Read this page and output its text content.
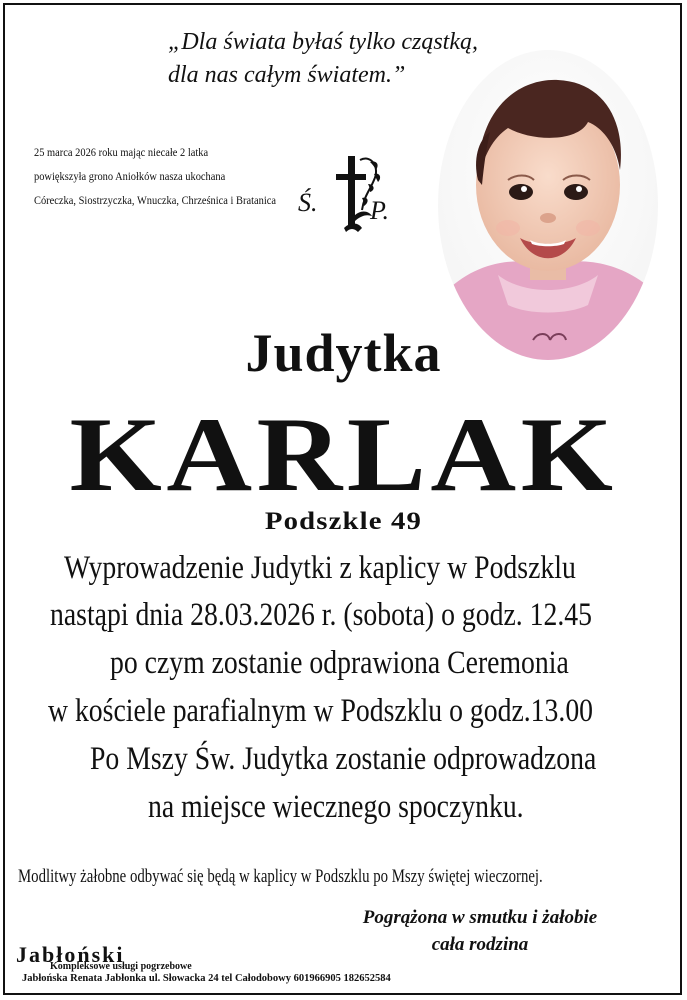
„Dla świata byłaś tylko cząstką,
dla nas całym światem.”
25 marca 2026 roku mając niecałe 2 latka
powiększyła grono Aniołków nasza ukochana
Córeczka, Siostrzyczka, Wnuczka, Chrześnica i Bratanica Ś. P.
Judytka
KARLAK
Podszkle 49
Wyprowadzenie Judytki z kaplicy w Podszklu
nastąpi dnia 28.03.2026 r. (sobota) o godz. 12.45
po czym zostanie odprawiona Ceremonia
w kościele parafialnym w Podszklu o godz.13.00
Po Mszy Św. Judytka zostanie odprowadzona
na miejsce wiecznego spoczynku.
Modlitwy żałobne odbywać się będą w kaplicy w Podszklu po Mszy świętej wieczornej.
Pogrążona w smutku i żałobie
cała rodzina
Jabłoński
Kompleksowe usługi pogrzebowe
Jabłońska Renata Jabłonka ul. Słowacka 24 tel Całodobowy 601966905 182652584
